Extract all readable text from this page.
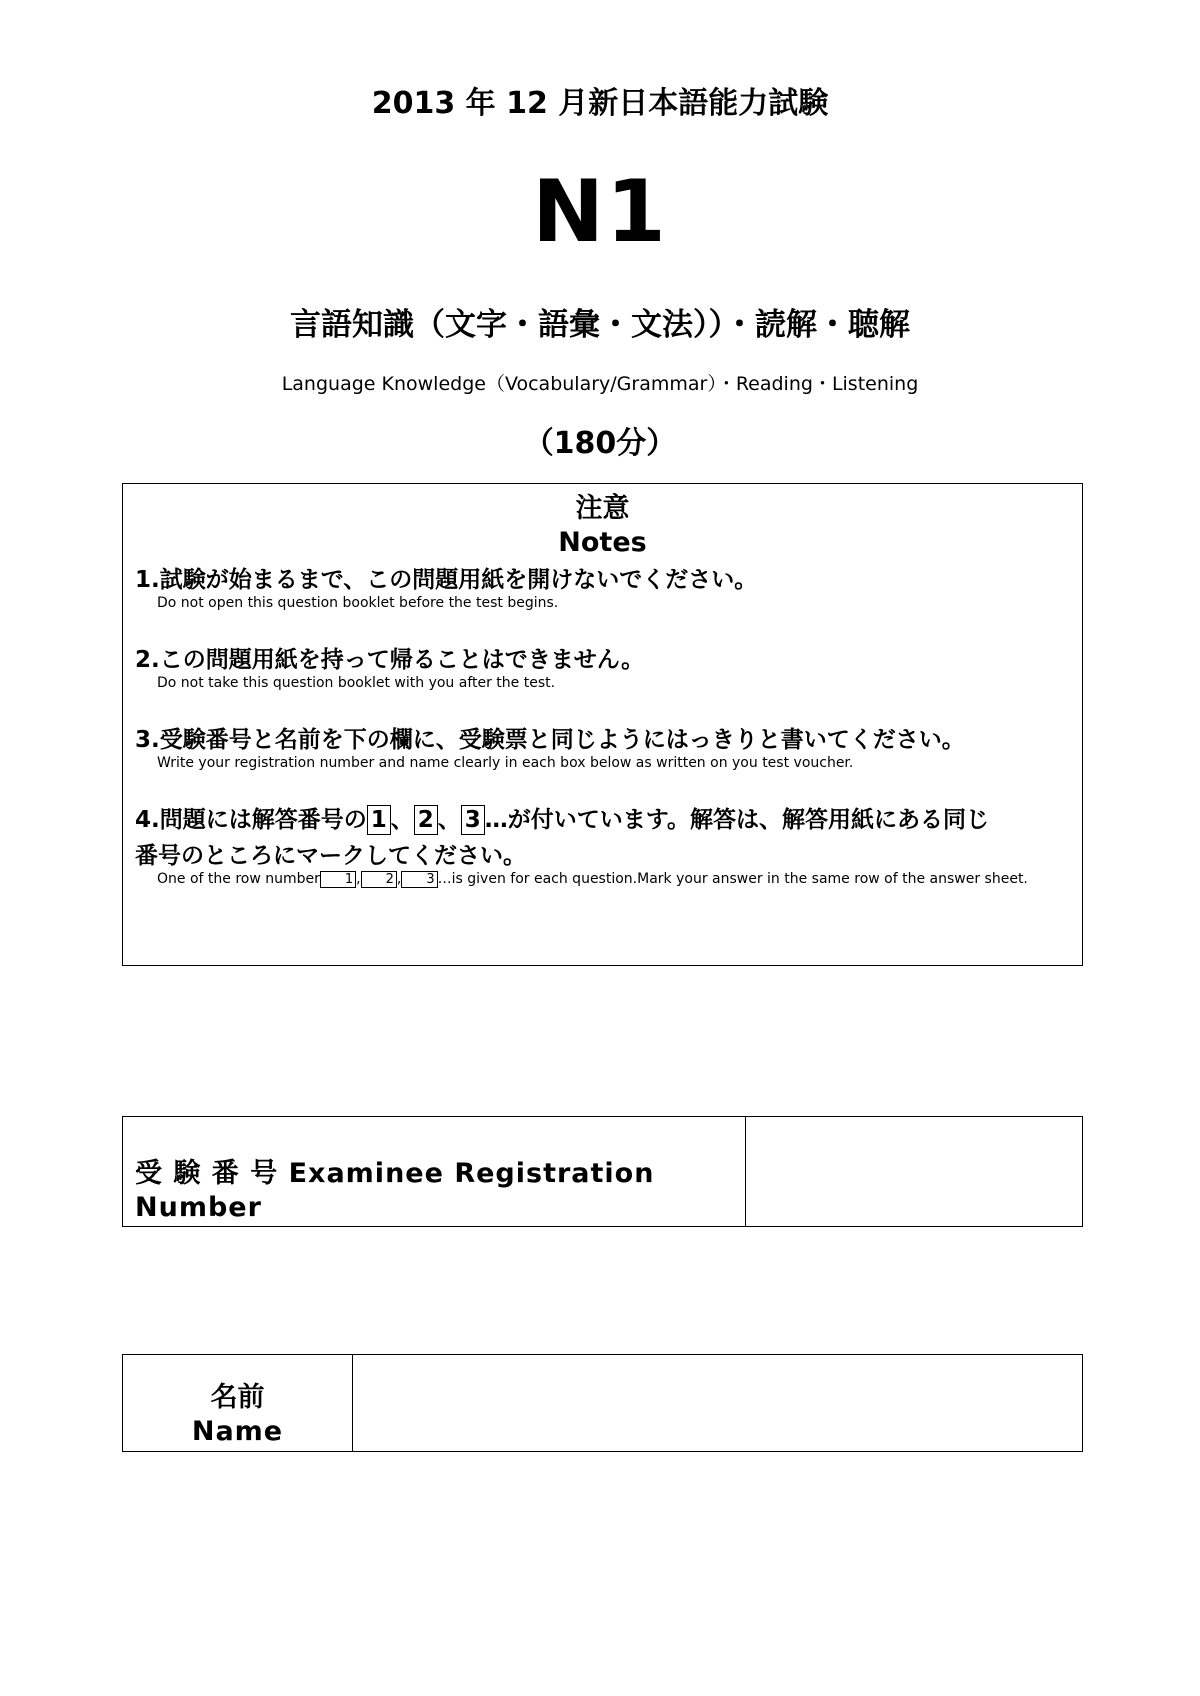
2013 年 12 月新日本語能力試験
N1
言語知識（文字・語彙・文法））・読解・聴解
Language Knowledge（Vocabulary/Grammar）・Reading・Listening
（180分）
注意
Notes
1.試験が始まるまで、この問題用紙を開けないでください。
Do not open this question booklet before the test begins.
2.この問題用紙を持って帰ることはできません。
Do not take this question booklet with you after the test.
3.受験番号と名前を下の欄に、受験票と同じようにはっきりと書いてください。
Write your registration number and name clearly in each box below as written on you test voucher.
4.問題には解答番号の 1 、 2 、 3 …が付いています。解答は、解答用紙にある同じ
番号のところにマークしてください。
One of the row number 1 , 2 , 3 …is given for each question.Mark your answer in the same row of the answer sheet.
受 験 番 号 Examinee Registration Number
名前
Name
